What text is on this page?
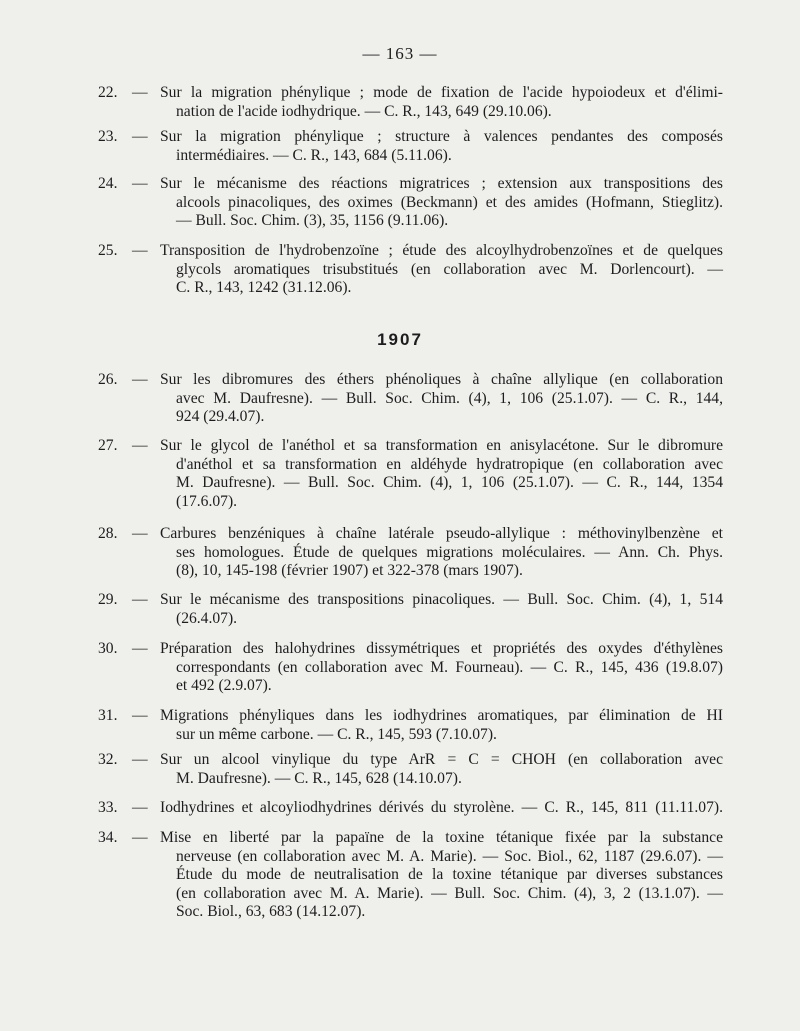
— 163 —
1907
22. — Sur la migration phénylique ; mode de fixation de l'acide hypoiodeux et d'élimi-
nation de l'acide iodhydrique. — C. R., 143, 649 (29.10.06).
23. — Sur la migration phénylique ; structure à valences pendantes des composés
intermédiaires. — C. R., 143, 684 (5.11.06).
24. — Sur le mécanisme des réactions migratrices ; extension aux transpositions des
alcools pinacoliques, des oximes (Beckmann) et des amides (Hofmann, Stieglitz).
— Bull. Soc. Chim. (3), 35, 1156 (9.11.06).
25. — Transposition de l'hydrobenzoïne ; étude des alcoylhydrobenzoïnes et de quelques
glycols aromatiques trisubstitués (en collaboration avec M. Dorlencourt). —
C. R., 143, 1242 (31.12.06).
26. — Sur les dibromures des éthers phénoliques à chaîne allylique (en collaboration
avec M. Daufresne). — Bull. Soc. Chim. (4), 1, 106 (25.1.07). — C. R., 144,
924 (29.4.07).
27. — Sur le glycol de l'anéthol et sa transformation en anisylacétone. Sur le dibromure
d'anéthol et sa transformation en aldéhyde hydratropique (en collaboration avec
M. Daufresne). — Bull. Soc. Chim. (4), 1, 106 (25.1.07). — C. R., 144, 1354
(17.6.07).
28. — Carbures benzéniques à chaîne latérale pseudo-allylique : méthovinylbenzène et
ses homologues. Étude de quelques migrations moléculaires. — Ann. Ch. Phys.
(8), 10, 145-198 (février 1907) et 322-378 (mars 1907).
29. — Sur le mécanisme des transpositions pinacoliques. — Bull. Soc. Chim. (4), 1, 514
(26.4.07).
30. — Préparation des halohydrines dissymétriques et propriétés des oxydes d'éthylènes
correspondants (en collaboration avec M. Fourneau). — C. R., 145, 436 (19.8.07)
et 492 (2.9.07).
31. — Migrations phényliques dans les iodhydrines aromatiques, par élimination de HI
sur un même carbone. — C. R., 145, 593 (7.10.07).
32. — Sur un alcool vinylique du type ArR = C = CHOH (en collaboration avec
M. Daufresne). — C. R., 145, 628 (14.10.07).
33. — Iodhydrines et alcoyliodhydrines dérivés du styrolène. — C. R., 145, 811 (11.11.07).
34. — Mise en liberté par la papaïne de la toxine tétanique fixée par la substance
nerveuse (en collaboration avec M. A. Marie). — Soc. Biol., 62, 1187 (29.6.07). —
Étude du mode de neutralisation de la toxine tétanique par diverses substances
(en collaboration avec M. A. Marie). — Bull. Soc. Chim. (4), 3, 2 (13.1.07). —
Soc. Biol., 63, 683 (14.12.07).
